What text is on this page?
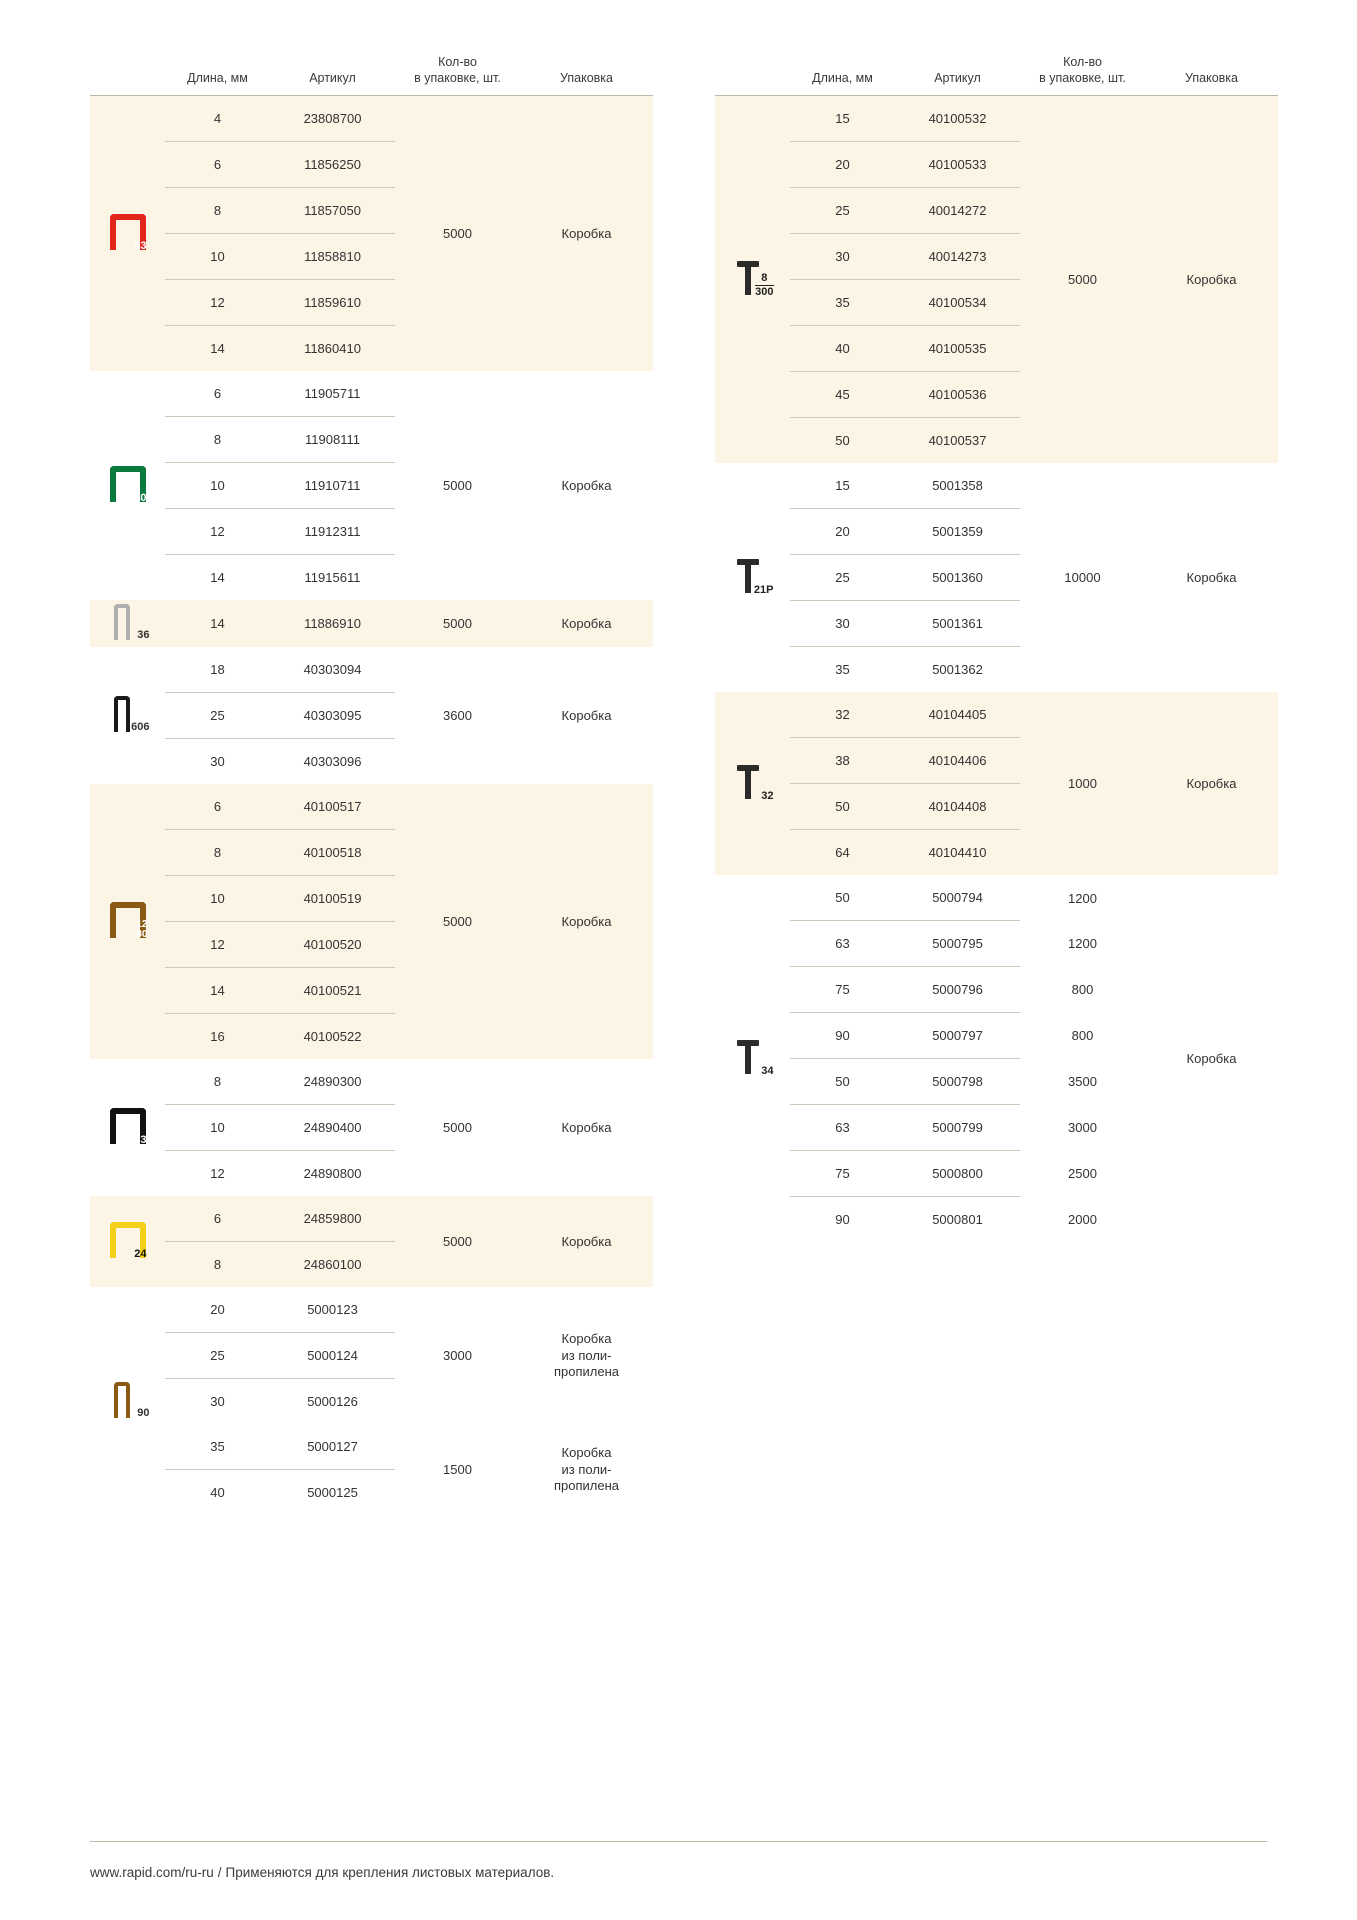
	Длина, мм	Артикул	Кол-во
в упаковке, шт.	Упаковка

53	4	23808700	5000	Коробка
	6	11856250		
	8	11857050		
	10	11858810		
	12	11859610		
	14	11860410		

140	6	11905711	5000	Коробка
	8	11908111		
	10	11910711		
	12	11912311		
	14	11915611		

36	14	11886910	5000	Коробка

606	18	40303094	3600	Коробка
	25	40303095		
	30	40303096		

12
80	6	40100517	5000	Коробка
	8	40100518		
	10	40100519		
	12	40100520		
	14	40100521		
	16	40100522		

73	8	24890300	5000	Коробка
	10	24890400		
	12	24890800		

24	6	24859800	5000	Коробка
	8	24860100		

90	20	5000123	3000	Коробка
из поли-
пропилена
	25	5000124		
	30	5000126		
	35	5000127	1500	Коробка
из поли-
пропилена
	40	5000125		
	Длина, мм	Артикул	Кол-во
в упаковке, шт.	Упаковка

8
300	15	40100532	5000	Коробка
	20	40100533		
	25	40014272		
	30	40014273		
	35	40100534		
	40	40100535		
	45	40100536		
	50	40100537		

21P	15	5001358	10000	Коробка
	20	5001359		
	25	5001360		
	30	5001361		
	35	5001362		

32	32	40104405	1000	Коробка
	38	40104406		
	50	40104408		
	64	40104410		

34	50	5000794	1200	Коробка
	63	5000795	1200	
	75	5000796	800	
	90	5000797	800	
	50	5000798	3500	
	63	5000799	3000	
	75	5000800	2500	
	90	5000801	2000	
www.rapid.com/ru-ru / Применяются для крепления листовых материалов.
